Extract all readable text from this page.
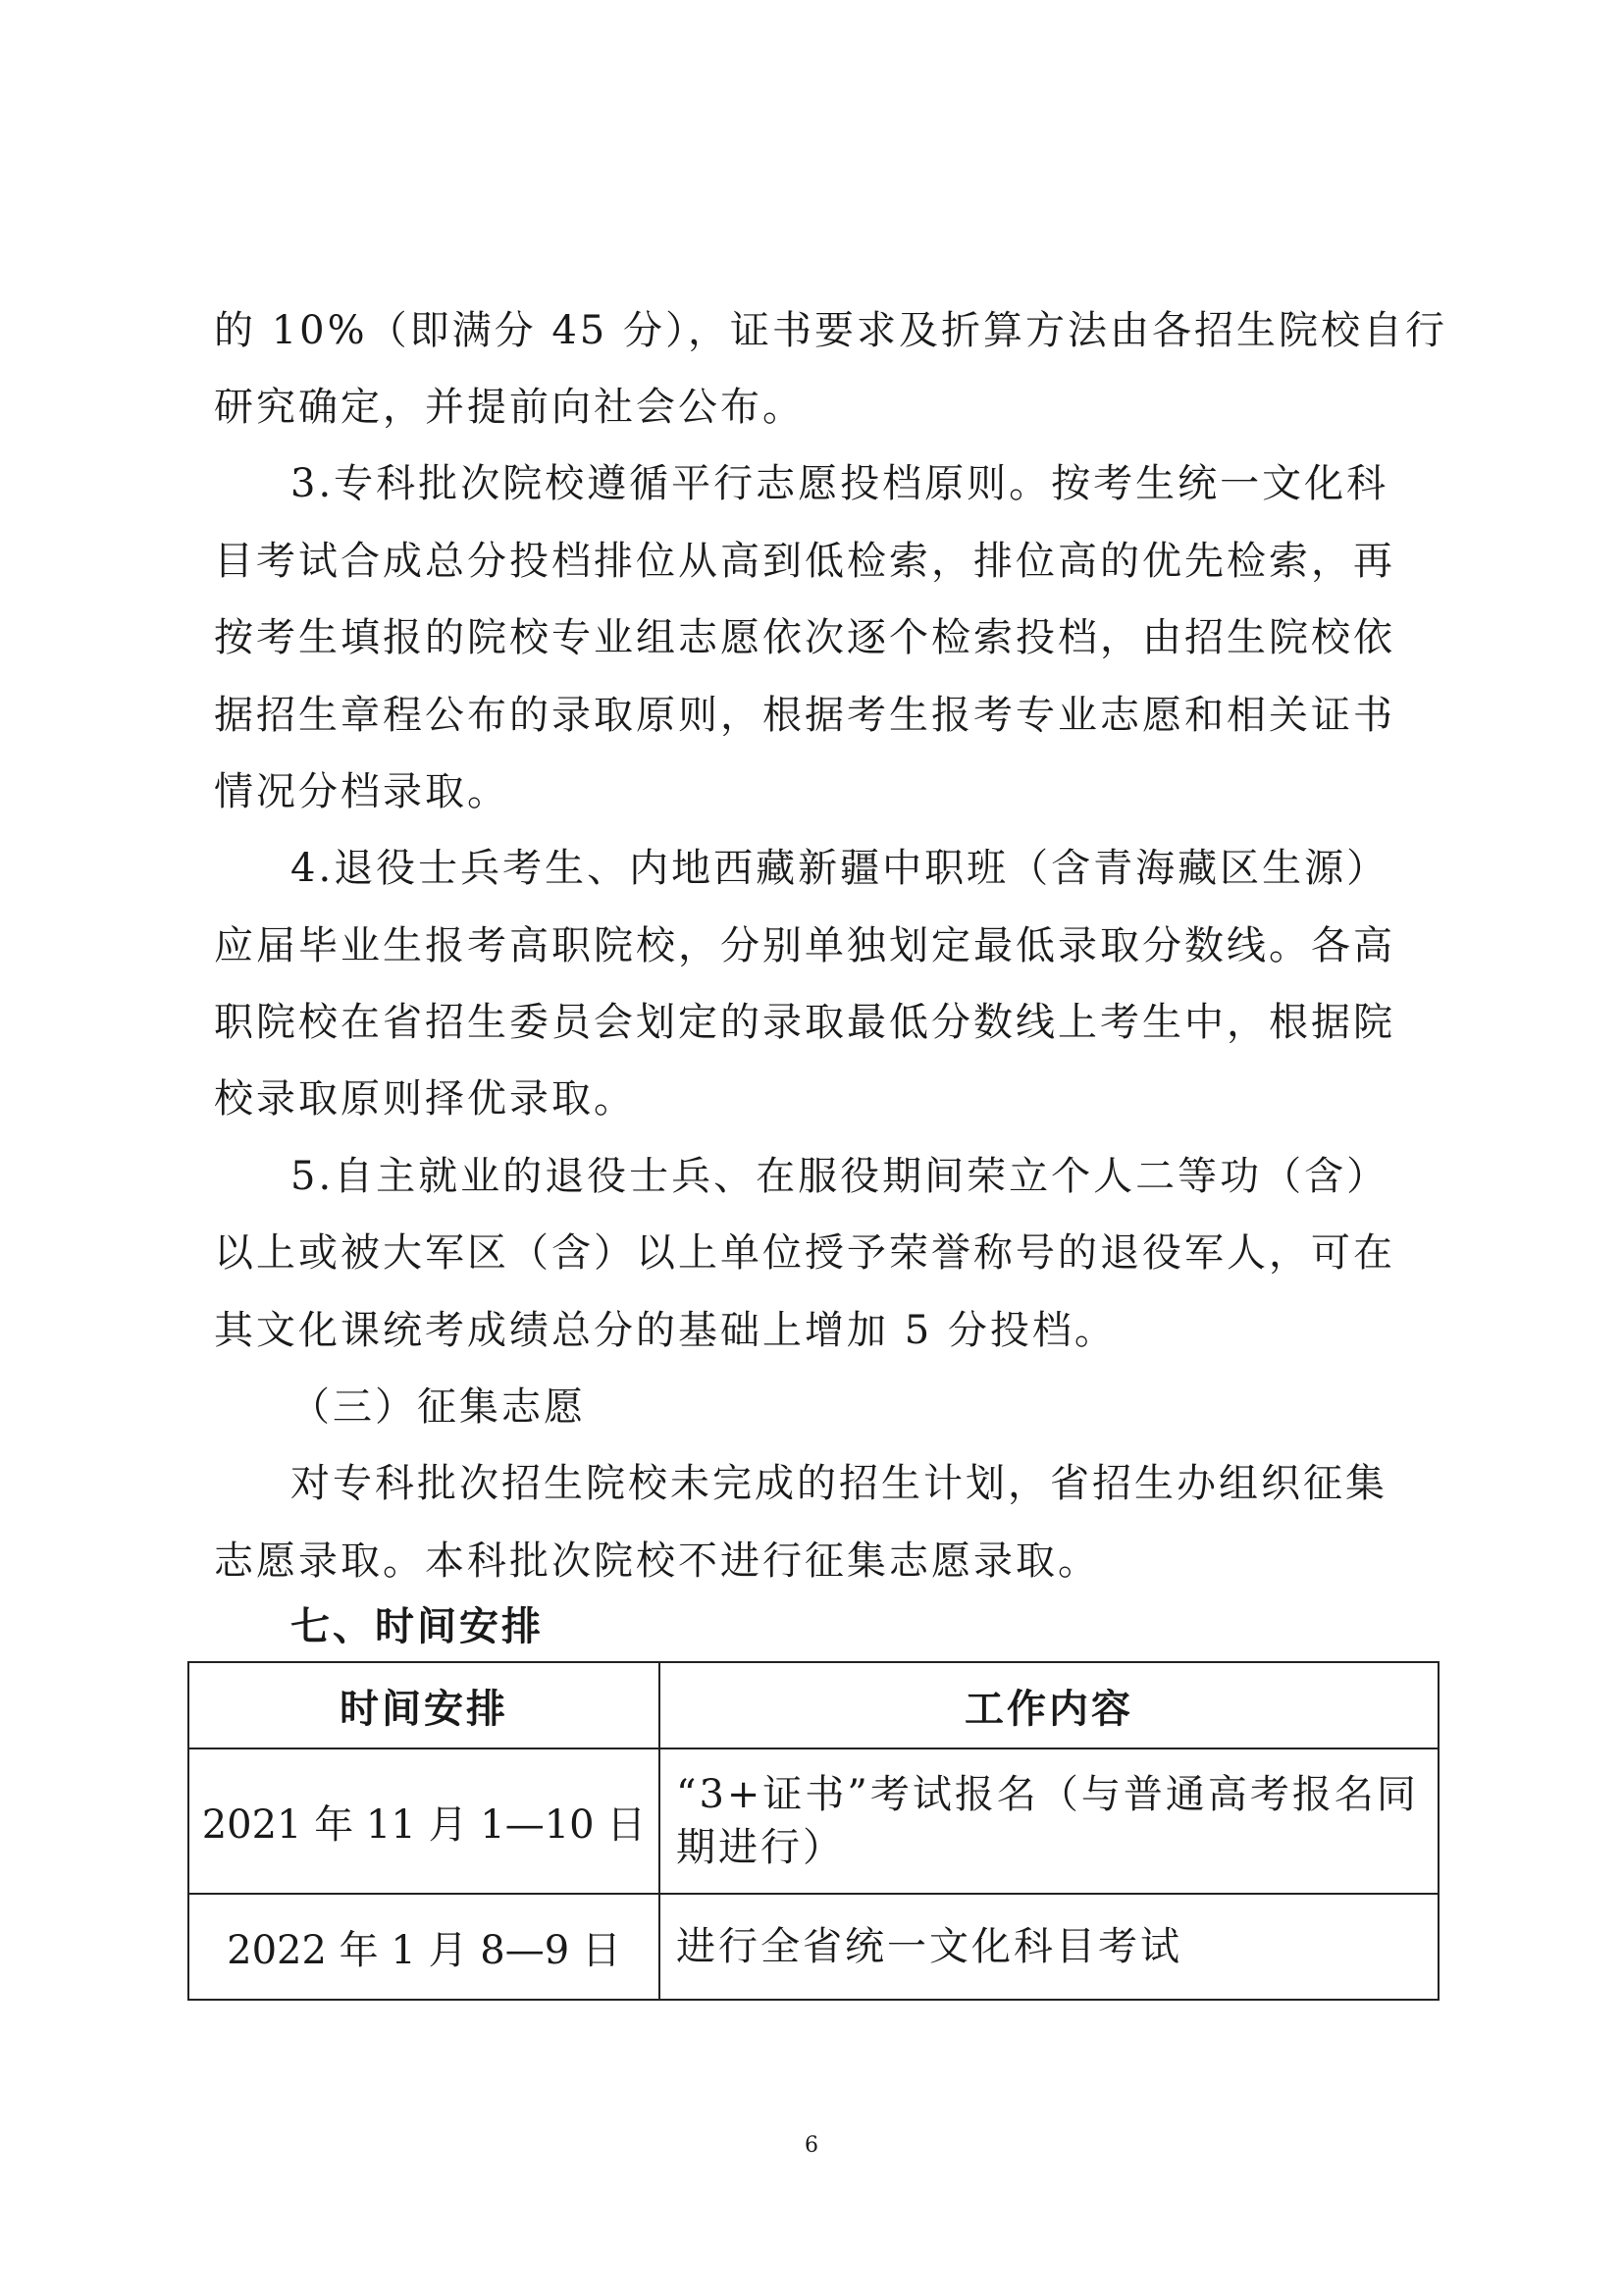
的 10%（即满分 45 分），证书要求及折算方法由各招生院校自行
研究确定，并提前向社会公布。
3.专科批次院校遵循平行志愿投档原则。按考生统一文化科
目考试合成总分投档排位从高到低检索，排位高的优先检索，再
按考生填报的院校专业组志愿依次逐个检索投档，由招生院校依
据招生章程公布的录取原则，根据考生报考专业志愿和相关证书
情况分档录取。
4.退役士兵考生、内地西藏新疆中职班（含青海藏区生源）
应届毕业生报考高职院校，分别单独划定最低录取分数线。各高
职院校在省招生委员会划定的录取最低分数线上考生中，根据院
校录取原则择优录取。
5.自主就业的退役士兵、在服役期间荣立个人二等功（含）
以上或被大军区（含）以上单位授予荣誉称号的退役军人，可在
其文化课统考成绩总分的基础上增加 5 分投档。
（三）征集志愿
对专科批次招生院校未完成的招生计划，省招生办组织征集
志愿录取。本科批次院校不进行征集志愿录取。
七、时间安排
时间安排	工作内容
2021 年 11 月 1—10 日	“3+证书”考试报名（与普通高考报名同
期进行）

2022 年 1 月 8—9 日	进行全省统一文化科目考试
6
